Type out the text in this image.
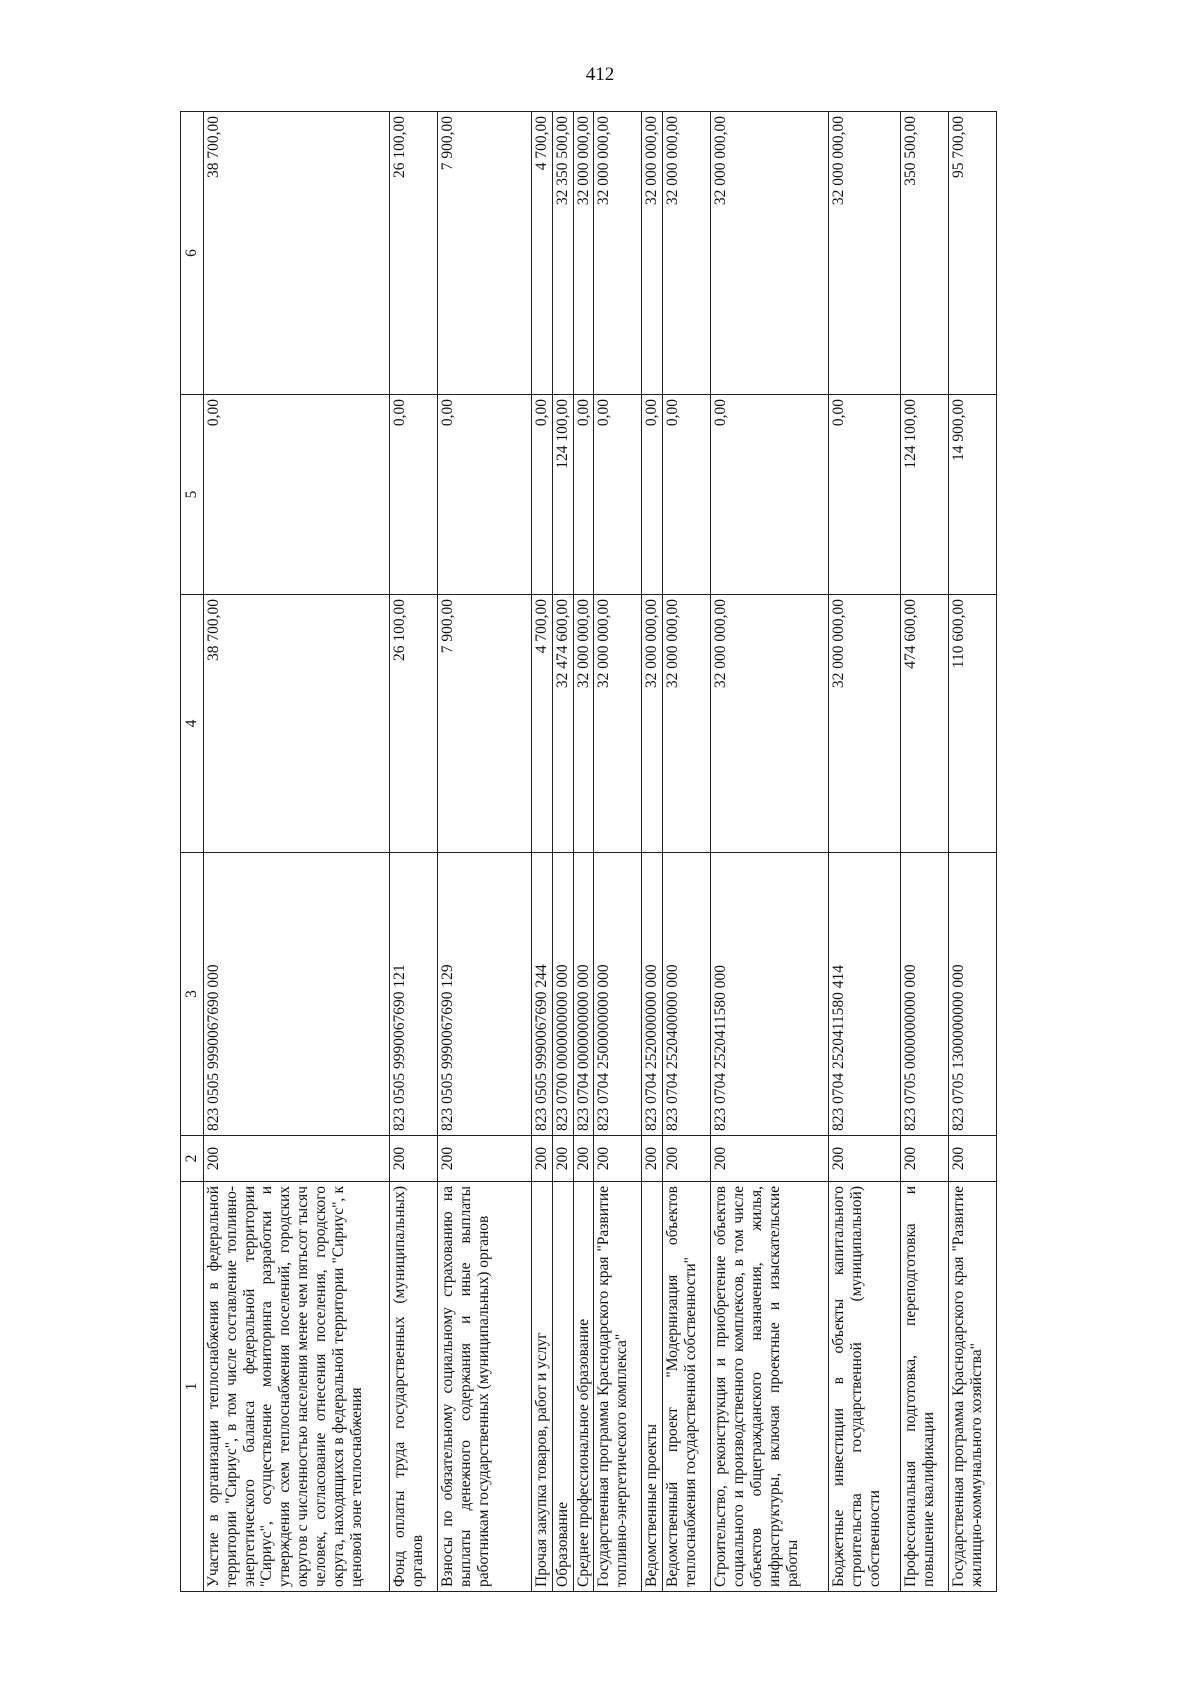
412
1	2	3	4	5	6
Участие в организации теплоснабжения в федеральной территории "Сириус", в том числе составление топливно-энергетического баланса федеральной территории "Сириус", осуществление мониторинга разработки и утверждения схем теплоснабжения поселений, городских округов с численностью населения менее чем пятьсот тысяч человек, согласование отнесения поселения, городского округа, находящихся в федеральной территории "Сириус", к ценовой зоне теплоснабжения	200	823 0505 9990067690 000	38 700,00	0,00	38 700,00
Фонд оплаты труда государственных (муниципальных) органов	200	823 0505 9990067690 121	26 100,00	0,00	26 100,00
Взносы по обязательному социальному страхованию на выплаты денежного содержания и иные выплаты работникам государственных (муниципальных) органов	200	823 0505 9990067690 129	7 900,00	0,00	7 900,00
Прочая закупка товаров, работ и услуг	200	823 0505 9990067690 244	4 700,00	0,00	4 700,00
Образование	200	823 0700 0000000000 000	32 474 600,00	124 100,00	32 350 500,00
Среднее профессиональное образование	200	823 0704 0000000000 000	32 000 000,00	0,00	32 000 000,00
Государственная программа Краснодарского края "Развитие топливно-энергетического комплекса"	200	823 0704 2500000000 000	32 000 000,00	0,00	32 000 000,00
Ведомственные проекты	200	823 0704 2520000000 000	32 000 000,00	0,00	32 000 000,00
Ведомственный проект "Модернизация объектов теплоснабжения государственной собственности"	200	823 0704 2520400000 000	32 000 000,00	0,00	32 000 000,00
Строительство, реконструкция и приобретение объектов социального и производственного комплексов, в том числе объектов общегражданского назначения, жилья, инфраструктуры, включая проектные и изыскательские работы	200	823 0704 2520411580 000	32 000 000,00	0,00	32 000 000,00
Бюджетные инвестиции в объекты капитального строительства государственной (муниципальной) собственности	200	823 0704 2520411580 414	32 000 000,00	0,00	32 000 000,00
Профессиональная подготовка, переподготовка и повышение квалификации	200	823 0705 0000000000 000	474 600,00	124 100,00	350 500,00
Государственная программа Краснодарского края "Развитие жилищно-коммунального хозяйства"	200	823 0705 1300000000 000	110 600,00	14 900,00	95 700,00
